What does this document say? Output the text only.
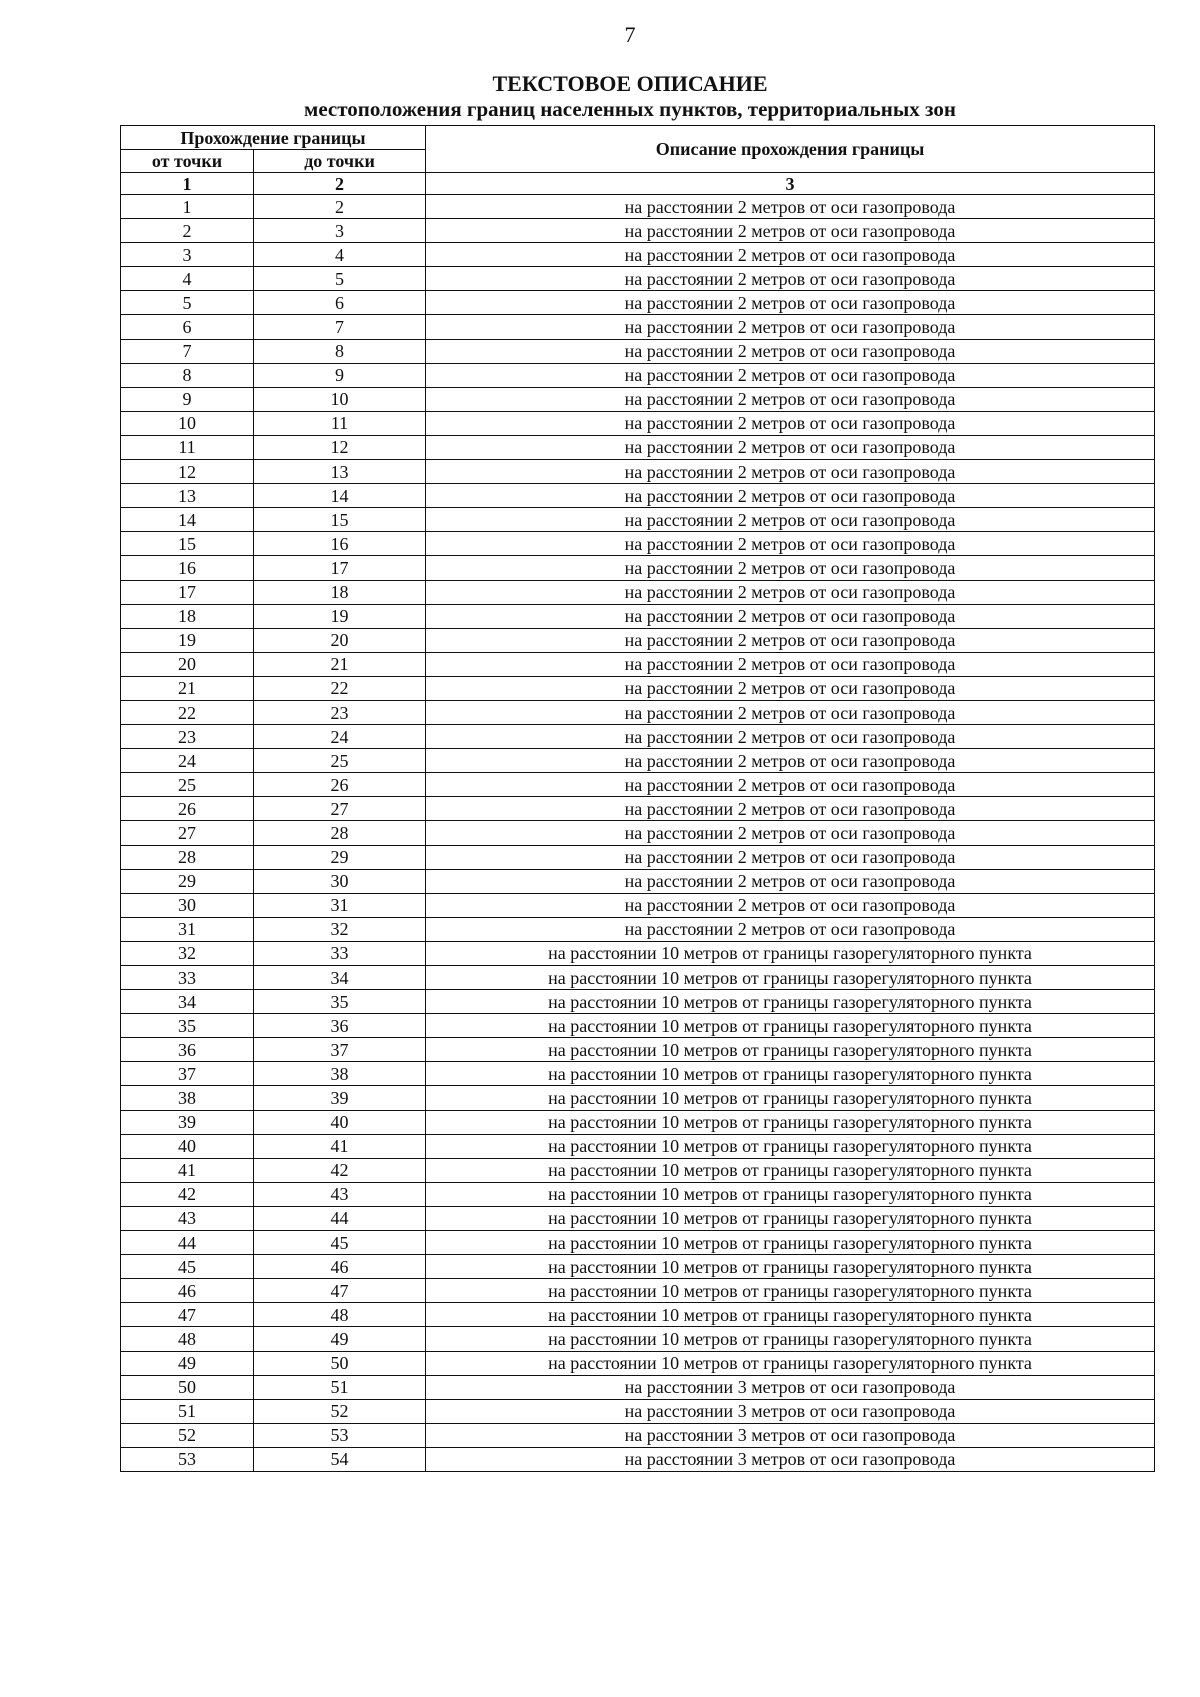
7
ТЕКСТОВОЕ ОПИСАНИЕ
местоположения границ населенных пунктов, территориальных зон
Прохождение границы		Описание прохождения границы
от точки	до точки	
1	2	3
1	2	на расстоянии 2 метров от оси газопровода
2	3	на расстоянии 2 метров от оси газопровода
3	4	на расстоянии 2 метров от оси газопровода
4	5	на расстоянии 2 метров от оси газопровода
5	6	на расстоянии 2 метров от оси газопровода
6	7	на расстоянии 2 метров от оси газопровода
7	8	на расстоянии 2 метров от оси газопровода
8	9	на расстоянии 2 метров от оси газопровода
9	10	на расстоянии 2 метров от оси газопровода
10	11	на расстоянии 2 метров от оси газопровода
11	12	на расстоянии 2 метров от оси газопровода
12	13	на расстоянии 2 метров от оси газопровода
13	14	на расстоянии 2 метров от оси газопровода
14	15	на расстоянии 2 метров от оси газопровода
15	16	на расстоянии 2 метров от оси газопровода
16	17	на расстоянии 2 метров от оси газопровода
17	18	на расстоянии 2 метров от оси газопровода
18	19	на расстоянии 2 метров от оси газопровода
19	20	на расстоянии 2 метров от оси газопровода
20	21	на расстоянии 2 метров от оси газопровода
21	22	на расстоянии 2 метров от оси газопровода
22	23	на расстоянии 2 метров от оси газопровода
23	24	на расстоянии 2 метров от оси газопровода
24	25	на расстоянии 2 метров от оси газопровода
25	26	на расстоянии 2 метров от оси газопровода
26	27	на расстоянии 2 метров от оси газопровода
27	28	на расстоянии 2 метров от оси газопровода
28	29	на расстоянии 2 метров от оси газопровода
29	30	на расстоянии 2 метров от оси газопровода
30	31	на расстоянии 2 метров от оси газопровода
31	32	на расстоянии 2 метров от оси газопровода
32	33	на расстоянии 10 метров от границы газорегуляторного пункта
33	34	на расстоянии 10 метров от границы газорегуляторного пункта
34	35	на расстоянии 10 метров от границы газорегуляторного пункта
35	36	на расстоянии 10 метров от границы газорегуляторного пункта
36	37	на расстоянии 10 метров от границы газорегуляторного пункта
37	38	на расстоянии 10 метров от границы газорегуляторного пункта
38	39	на расстоянии 10 метров от границы газорегуляторного пункта
39	40	на расстоянии 10 метров от границы газорегуляторного пункта
40	41	на расстоянии 10 метров от границы газорегуляторного пункта
41	42	на расстоянии 10 метров от границы газорегуляторного пункта
42	43	на расстоянии 10 метров от границы газорегуляторного пункта
43	44	на расстоянии 10 метров от границы газорегуляторного пункта
44	45	на расстоянии 10 метров от границы газорегуляторного пункта
45	46	на расстоянии 10 метров от границы газорегуляторного пункта
46	47	на расстоянии 10 метров от границы газорегуляторного пункта
47	48	на расстоянии 10 метров от границы газорегуляторного пункта
48	49	на расстоянии 10 метров от границы газорегуляторного пункта
49	50	на расстоянии 10 метров от границы газорегуляторного пункта
50	51	на расстоянии 3 метров от оси газопровода
51	52	на расстоянии 3 метров от оси газопровода
52	53	на расстоянии 3 метров от оси газопровода
53	54	на расстоянии 3 метров от оси газопровода
